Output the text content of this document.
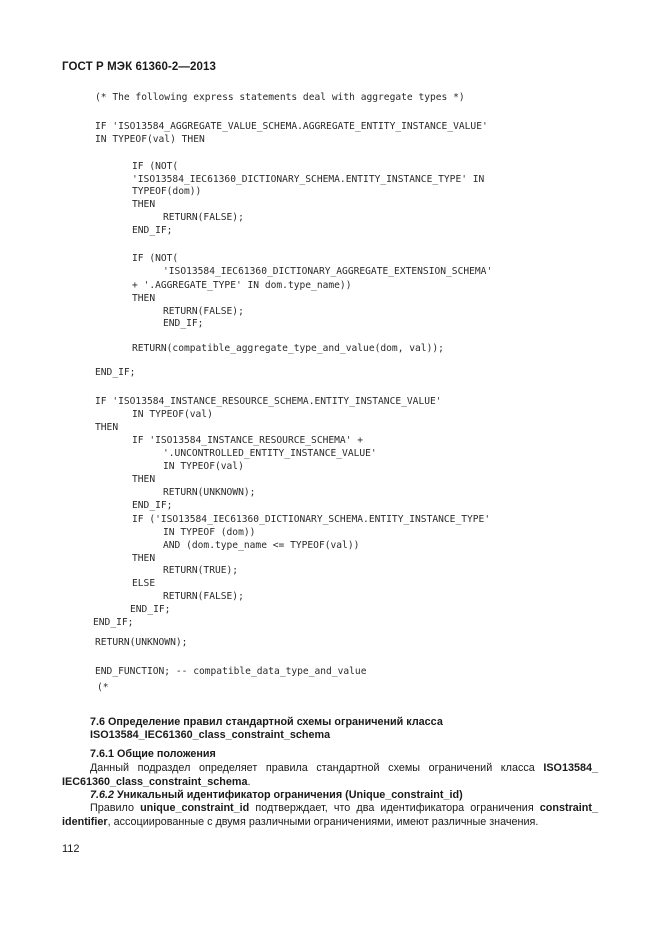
ГОСТ Р МЭК 61360-2—2013
(* The following express statements deal with aggregate types *)
IF 'ISO13584_AGGREGATE_VALUE_SCHEMA.AGGREGATE_ENTITY_INSTANCE_VALUE'
IN TYPEOF(val) THEN
IF (NOT(
'ISO13584_IEC61360_DICTIONARY_SCHEMA.ENTITY_INSTANCE_TYPE' IN
TYPEOF(dom))
THEN
RETURN(FALSE);
END_IF;
IF (NOT(
'ISO13584_IEC61360_DICTIONARY_AGGREGATE_EXTENSION_SCHEMA'
+ '.AGGREGATE_TYPE' IN dom.type_name))
THEN
RETURN(FALSE);
END_IF;
RETURN(compatible_aggregate_type_and_value(dom, val));
END_IF;
IF 'ISO13584_INSTANCE_RESOURCE_SCHEMA.ENTITY_INSTANCE_VALUE'
IN TYPEOF(val)
THEN
IF 'ISO13584_INSTANCE_RESOURCE_SCHEMA' +
'.UNCONTROLLED_ENTITY_INSTANCE_VALUE'
IN TYPEOF(val)
THEN
RETURN(UNKNOWN);
END_IF;
IF ('ISO13584_IEC61360_DICTIONARY_SCHEMA.ENTITY_INSTANCE_TYPE'
IN TYPEOF (dom))
AND (dom.type_name <= TYPEOF(val))
THEN
RETURN(TRUE);
ELSE
RETURN(FALSE);
END_IF;
END_IF;
RETURN(UNKNOWN);
END_FUNCTION; -- compatible_data_type_and_value
(*
7.6 Определение правил стандартной схемы ограничений класса
ISO13584_IEC61360_class_constraint_schema
7.6.1 Общие положения
Данный подраздел определяет правила стандартной схемы ограничений класса ISO13584_ IEC61360_class_constraint_schema.
7.6.2 Уникальный идентификатор ограничения (Unique_constraint_id)
Правило unique_constraint_id подтверждает, что два идентификатора ограничения constraint_ identifier, ассоциированные с двумя различными ограничениями, имеют различные значения.
112
